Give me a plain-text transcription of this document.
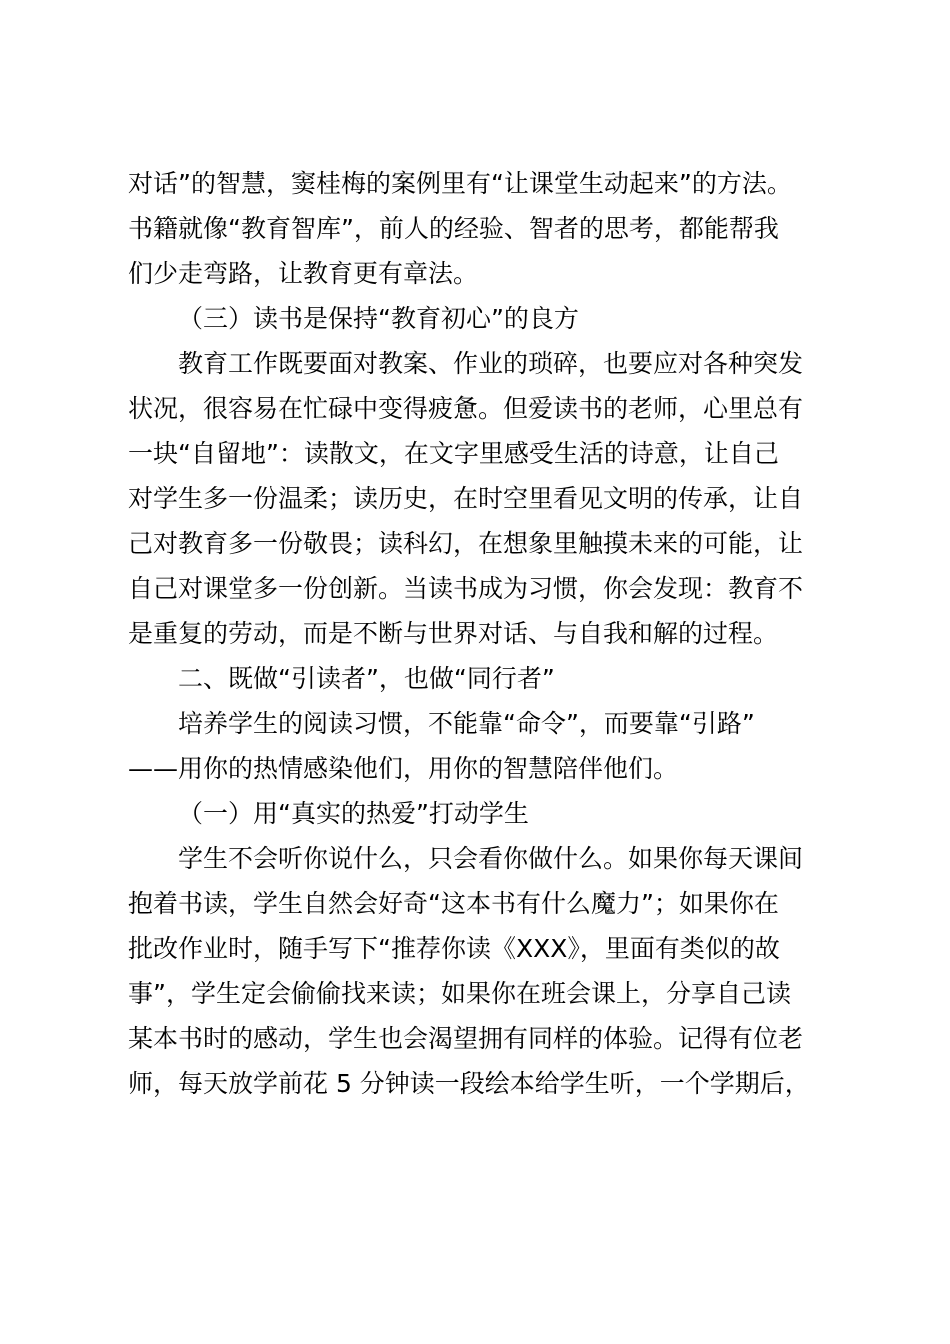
对话”的智慧，窦桂梅的案例里有“让课堂生动起来”的方法。
书籍就像“教育智库”，前人的经验、智者的思考，都能帮我
们少走弯路，让教育更有章法。
（三）读书是保持“教育初心”的良方
教育工作既要面对教案、作业的琐碎，也要应对各种突发
状况，很容易在忙碌中变得疲惫。但爱读书的老师，心里总有
一块“自留地”：读散文，在文字里感受生活的诗意，让自己
对学生多一份温柔；读历史，在时空里看见文明的传承，让自
己对教育多一份敬畏；读科幻，在想象里触摸未来的可能，让
自己对课堂多一份创新。当读书成为习惯，你会发现：教育不
是重复的劳动，而是不断与世界对话、与自我和解的过程。
二、既做“引读者”，也做“同行者”
培养学生的阅读习惯，不能靠“命令”，而要靠“引路”
——用你的热情感染他们，用你的智慧陪伴他们。
（一）用“真实的热爱”打动学生
学生不会听你说什么，只会看你做什么。如果你每天课间
抱着书读，学生自然会好奇“这本书有什么魔力”；如果你在
批改作业时，随手写下“推荐你读《XXX》，里面有类似的故
事”，学生定会偷偷找来读；如果你在班会课上，分享自己读
某本书时的感动，学生也会渴望拥有同样的体验。记得有位老
师，每天放学前花 5 分钟读一段绘本给学生听，一个学期后，
